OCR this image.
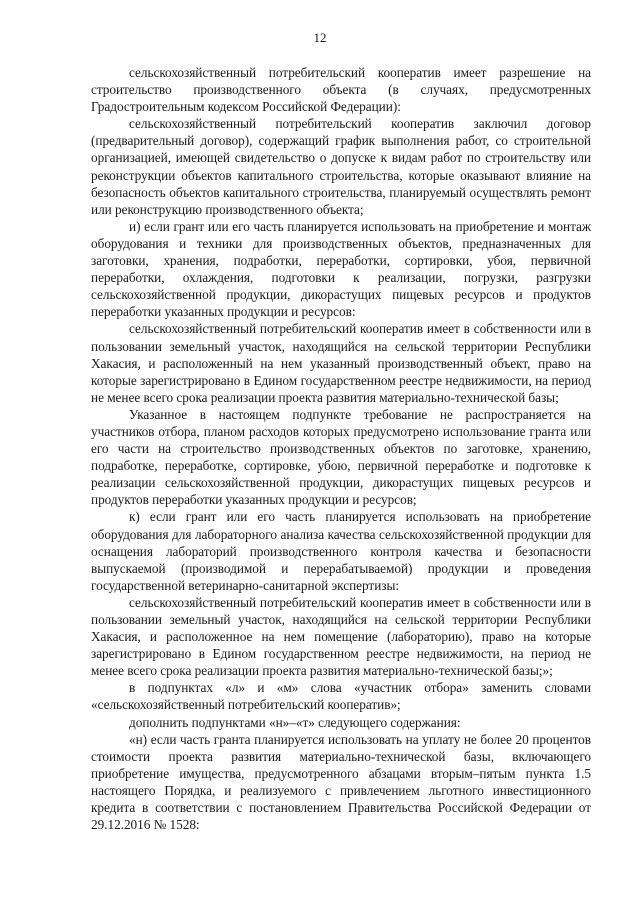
12

сельскохозяйственный потребительский кооператив имеет разрешение на строительство производственного объекта (в случаях, предусмотренных Градостроительным кодексом Российской Федерации):

сельскохозяйственный потребительский кооператив заключил договор (предварительный договор), содержащий график выполнения работ, со строительной организацией, имеющей свидетельство о допуске к видам работ по строительству или реконструкции объектов капитального строительства, которые оказывают влияние на безопасность объектов капитального строительства, планируемый осуществлять ремонт или реконструкцию производственного объекта;

и) если грант или его часть планируется использовать на приобретение и монтаж оборудования и техники для производственных объектов, предназначенных для заготовки, хранения, подработки, переработки, сортировки, убоя, первичной переработки, охлаждения, подготовки к реализации, погрузки, разгрузки сельскохозяйственной продукции, дикорастущих пищевых ресурсов и продуктов переработки указанных продукции и ресурсов:

сельскохозяйственный потребительский кооператив имеет в собственности или в пользовании земельный участок, находящийся на сельской территории Республики Хакасия, и расположенный на нем указанный производственный объект, право на которые зарегистрировано в Едином государственном реестре недвижимости, на период не менее всего срока реализации проекта развития материально-технической базы;

Указанное в настоящем подпункте требование не распространяется на участников отбора, планом расходов которых предусмотрено использование гранта или его части на строительство производственных объектов по заготовке, хранению, подработке, переработке, сортировке, убою, первичной переработке и подготовке к реализации сельскохозяйственной продукции, дикорастущих пищевых ресурсов и продуктов переработки указанных продукции и ресурсов;

к) если грант или его часть планируется использовать на приобретение оборудования для лабораторного анализа качества сельскохозяйственной продукции для оснащения лабораторий производственного контроля качества и безопасности выпускаемой (производимой и перерабатываемой) продукции и проведения государственной ветеринарно-санитарной экспертизы:

сельскохозяйственный потребительский кооператив имеет в собственности или в пользовании земельный участок, находящийся на сельской территории Республики Хакасия, и расположенное на нем помещение (лабораторию), право на которые зарегистрировано в Едином государственном реестре недвижимости, на период не менее всего срока реализации проекта развития материально-технической базы;»;

в подпунктах «л» и «м» слова «участник отбора» заменить словами «сельскохозяйственный потребительский кооператив»;

дополнить подпунктами «н»–«т» следующего содержания:

«н) если часть гранта планируется использовать на уплату не более 20 процентов стоимости проекта развития материально-технической базы, включающего приобретение имущества, предусмотренного абзацами вторым–пятым пункта 1.5 настоящего Порядка, и реализуемого с привлечением льготного инвестиционного кредита в соответствии с постановлением Правительства Российской Федерации от 29.12.2016 № 1528:
